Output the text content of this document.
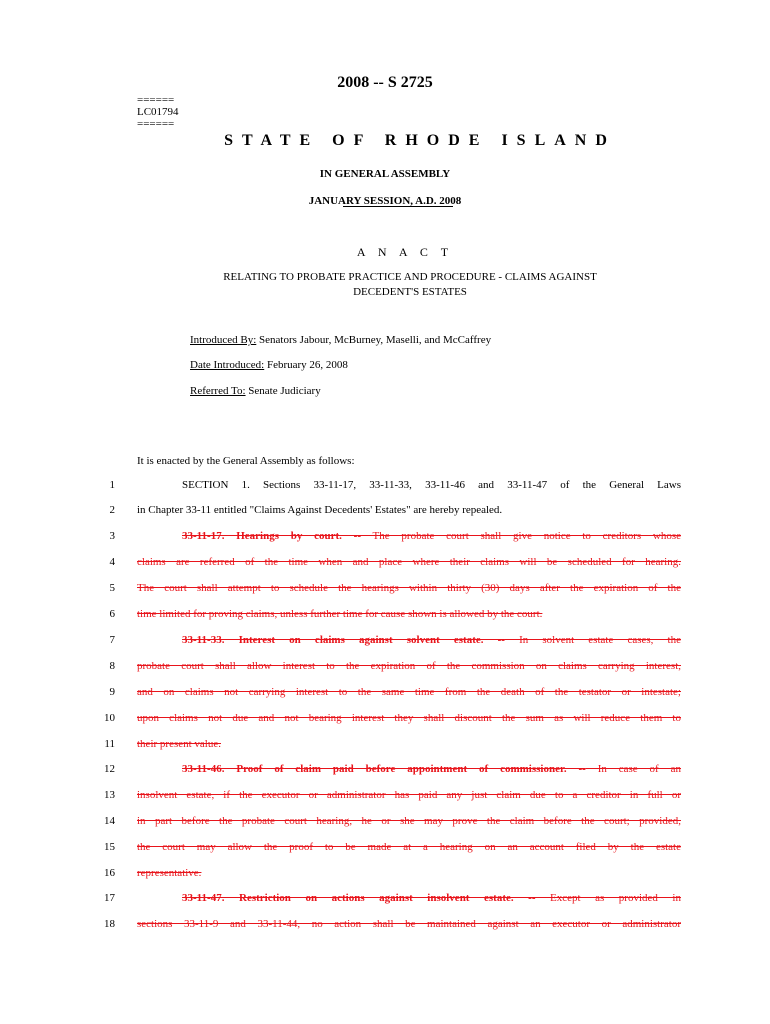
2008 -- S 2725
======
LC01794
======
STATE OF RHODE ISLAND
IN GENERAL ASSEMBLY
JANUARY SESSION, A.D. 2008
A N A C T
RELATING TO PROBATE PRACTICE AND PROCEDURE - CLAIMS AGAINST
DECEDENT'S ESTATES
Introduced By: Senators Jabour, McBurney, Maselli, and McCaffrey
Date Introduced: February 26, 2008
Referred To: Senate Judiciary
It is enacted by the General Assembly as follows:
1	SECTION 1. Sections 33-11-17, 33-11-33, 33-11-46 and 33-11-47 of the General Laws
2 in Chapter 33-11 entitled "Claims Against Decedents' Estates" are hereby repealed.
3	33-11-17. Hearings by court. -- The probate court shall give notice to creditors whose
4 claims are referred of the time when and place where their claims will be scheduled for hearing.
5 The court shall attempt to schedule the hearings within thirty (30) days after the expiration of the
6 time limited for proving claims, unless further time for cause shown is allowed by the court.
7	33-11-33. Interest on claims against solvent estate. -- In solvent estate cases, the
8 probate court shall allow interest to the expiration of the commission on claims carrying interest,
9 and on claims not carrying interest to the same time from the death of the testator or intestate;
10 upon claims not due and not bearing interest they shall discount the sum as will reduce them to
11 their present value.
12	33-11-46. Proof of claim paid before appointment of commissioner. -- In case of an
13 insolvent estate, if the executor or administrator has paid any just claim due to a creditor in full or
14 in part before the probate court hearing, he or she may prove the claim before the court; provided,
15 the court may allow the proof to be made at a hearing on an account filed by the estate
16 representative.
17	33-11-47. Restriction on actions against insolvent estate. -- Except as provided in
18 sections 33-11-9 and 33-11-44, no action shall be maintained against an executor or administrator
